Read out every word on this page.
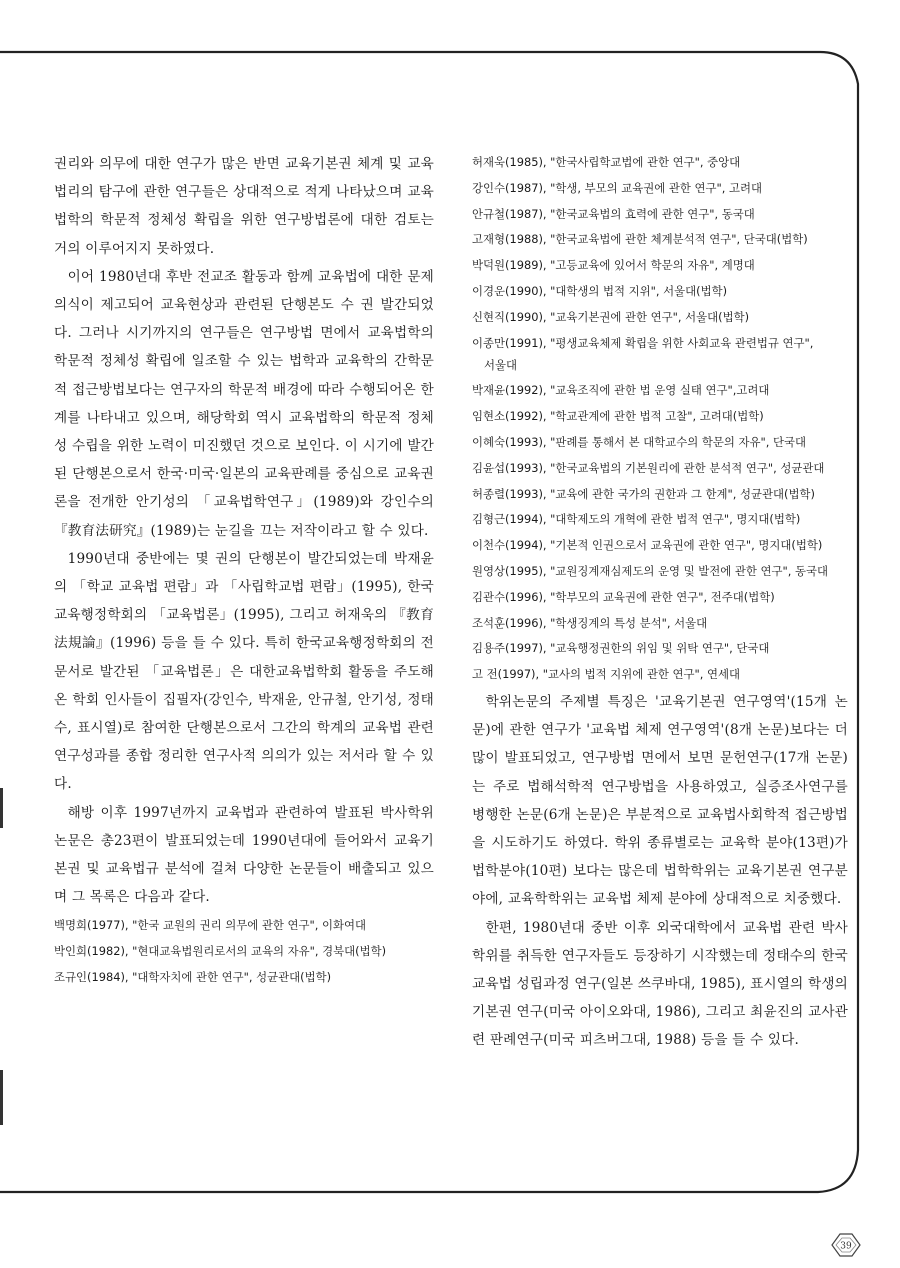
권리와 의무에 대한 연구가 많은 반면 교육기본권 체계 및 교육법리의 탐구에 관한 연구들은 상대적으로 적게 나타났으며 교육법학의 학문적 정체성 확립을 위한 연구방법론에 대한 검토는 거의 이루어지지 못하였다.

이어 1980년대 후반 전교조 활동과 함께 교육법에 대한 문제의식이 제고되어 교육현상과 관련된 단행본도 수 권 발간되었다. 그러나 시기까지의 연구들은 연구방법 면에서 교육법학의 학문적 정체성 확립에 일조할 수 있는 법학과 교육학의 간학문적 접근방법보다는 연구자의 학문적 배경에 따라 수행되어온 한계를 나타내고 있으며, 해당학회 역시 교육법학의 학문적 정체성 수립을 위한 노력이 미진했던 것으로 보인다. 이 시기에 발간된 단행본으로서 한국·미국·일본의 교육판례를 중심으로 교육권론을 전개한 안기성의 「교육법학연구」(1989)와 강인수의 『教育法研究』(1989)는 눈길을 끄는 저작이라고 할 수 있다.

1990년대 중반에는 몇 권의 단행본이 발간되었는데 박재윤의 「학교 교육법 편람」과 「사립학교법 편람」(1995), 한국교육행정학회의 「교육법론」(1995), 그리고 허재욱의 『教育法規論』(1996) 등을 들 수 있다. 특히 한국교육행정학회의 전문서로 발간된 「교육법론」은 대한교육법학회 활동을 주도해 온 학회 인사들이 집필자(강인수, 박재윤, 안규철, 안기성, 정태수, 표시열)로 참여한 단행본으로서 그간의 학계의 교육법 관련 연구성과를 종합 정리한 연구사적 의의가 있는 저서라 할 수 있다.

해방 이후 1997년까지 교육법과 관련하여 발표된 박사학위논문은 총23편이 발표되었는데 1990년대에 들어와서 교육기본권 및 교육법규 분석에 걸쳐 다양한 논문들이 배출되고 있으며 그 목록은 다음과 같다.

백명희(1977), "한국 교원의 권리 의무에 관한 연구", 이화여대
박인희(1982), "현대교육법원리로서의 교육의 자유", 경북대(법학)
조규인(1984), "대학자치에 관한 연구", 성균관대(법학)
허재욱(1985), "한국사립학교법에 관한 연구", 중앙대
강인수(1987), "학생, 부모의 교육권에 관한 연구", 고려대
안규철(1987), "한국교육법의 효력에 관한 연구", 동국대
고재형(1988), "한국교육법에 관한 체계분석적 연구", 단국대(법학)
박덕원(1989), "고등교육에 있어서 학문의 자유", 계명대
이경운(1990), "대학생의 법적 지위", 서울대(법학)
신현직(1990), "교육기본권에 관한 연구", 서울대(법학)
이종만(1991), "평생교육체제 확립을 위한 사회교육 관련법규 연구",
서울대
박재윤(1992), "교육조직에 관한 법 운영 실태 연구",고려대
임현소(1992), "학교관계에 관한 법적 고찰", 고려대(법학)
이혜숙(1993), "판례를 통해서 본 대학교수의 학문의 자유", 단국대
김윤섭(1993), "한국교육법의 기본원리에 관한 분석적 연구", 성균관대
허종렬(1993), "교육에 관한 국가의 권한과 그 한계", 성균관대(법학)
김형근(1994), "대학제도의 개혁에 관한 법적 연구", 명지대(법학)
이천수(1994), "기본적 인권으로서 교육권에 관한 연구", 명지대(법학)
원영상(1995), "교원징계재심제도의 운영 및 발전에 관한 연구", 동국대
김관수(1996), "학부모의 교육권에 관한 연구", 전주대(법학)
조석훈(1996), "학생징계의 특성 분석", 서울대
김용주(1997), "교육행정권한의 위임 및 위탁 연구", 단국대
고 전(1997), "교사의 법적 지위에 관한 연구", 연세대

학위논문의 주제별 특징은 '교육기본권 연구영역'(15개 논문)에 관한 연구가 '교육법 체제 연구영역'(8개 논문)보다는 더 많이 발표되었고, 연구방법 면에서 보면 문헌연구(17개 논문)는 주로 법해석학적 연구방법을 사용하였고, 실증조사연구를 병행한 논문(6개 논문)은 부분적으로 교육법사회학적 접근방법을 시도하기도 하였다. 학위 종류별로는 교육학 분야(13편)가 법학분야(10편) 보다는 많은데 법학학위는 교육기본권 연구분야에, 교육학학위는 교육법 체제 분야에 상대적으로 치중했다.

한편, 1980년대 중반 이후 외국대학에서 교육법 관련 박사학위를 취득한 연구자들도 등장하기 시작했는데 정태수의 한국교육법 성립과정 연구(일본 쓰쿠바대, 1985), 표시열의 학생의 기본권 연구(미국 아이오와대, 1986), 그리고 최윤진의 교사관련 판례연구(미국 피츠버그대, 1988) 등을 들 수 있다.

39
